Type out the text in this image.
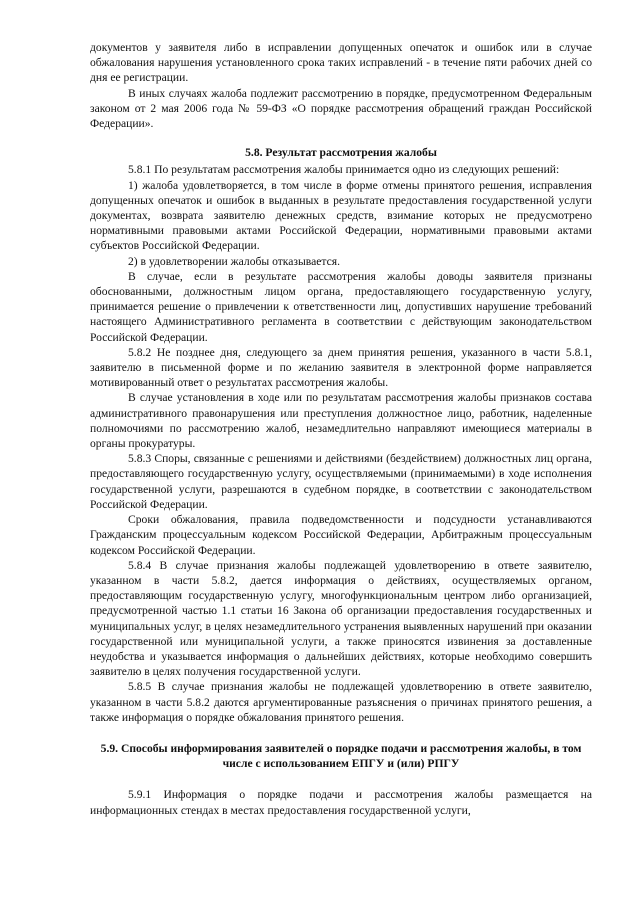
документов у заявителя либо в исправлении допущенных опечаток и ошибок или в случае обжалования нарушения установленного срока таких исправлений - в течение пяти рабочих дней со дня ее регистрации.

В иных случаях жалоба подлежит рассмотрению в порядке, предусмотренном Федеральным законом от 2 мая 2006 года № 59-ФЗ «О порядке рассмотрения обращений граждан Российской Федерации».

5.8. Результат рассмотрения жалобы

5.8.1 По результатам рассмотрения жалобы принимается одно из следующих решений:

1) жалоба удовлетворяется, в том числе в форме отмены принятого решения, исправления допущенных опечаток и ошибок в выданных в результате предоставления государственной услуги документах, возврата заявителю денежных средств, взимание которых не предусмотрено нормативными правовыми актами Российской Федерации, нормативными правовыми актами субъектов Российской Федерации.

2) в удовлетворении жалобы отказывается.

В случае, если в результате рассмотрения жалобы доводы заявителя признаны обоснованными, должностным лицом органа, предоставляющего государственную услугу, принимается решение о привлечении к ответственности лиц, допустивших нарушение требований настоящего Административного регламента в соответствии с действующим законодательством Российской Федерации.

5.8.2 Не позднее дня, следующего за днем принятия решения, указанного в части 5.8.1, заявителю в письменной форме и по желанию заявителя в электронной форме направляется мотивированный ответ о результатах рассмотрения жалобы.

В случае установления в ходе или по результатам рассмотрения жалобы признаков состава административного правонарушения или преступления должностное лицо, работник, наделенные полномочиями по рассмотрению жалоб, незамедлительно направляют имеющиеся материалы в органы прокуратуры.

5.8.3 Споры, связанные с решениями и действиями (бездействием) должностных лиц органа, предоставляющего государственную услугу, осуществляемыми (принимаемыми) в ходе исполнения государственной услуги, разрешаются в судебном порядке, в соответствии с законодательством Российской Федерации.

Сроки обжалования, правила подведомственности и подсудности устанавливаются Гражданским процессуальным кодексом Российской Федерации, Арбитражным процессуальным кодексом Российской Федерации.

5.8.4 В случае признания жалобы подлежащей удовлетворению в ответе заявителю, указанном в части 5.8.2, дается информация о действиях, осуществляемых органом, предоставляющим государственную услугу, многофункциональным центром либо организацией, предусмотренной частью 1.1 статьи 16 Закона об организации предоставления государственных и муниципальных услуг, в целях незамедлительного устранения выявленных нарушений при оказании государственной или муниципальной услуги, а также приносятся извинения за доставленные неудобства и указывается информация о дальнейших действиях, которые необходимо совершить заявителю в целях получения государственной услуги.

5.8.5 В случае признания жалобы не подлежащей удовлетворению в ответе заявителю, указанном в части 5.8.2 даются аргументированные разъяснения о причинах принятого решения, а также информация о порядке обжалования принятого решения.

5.9. Способы информирования заявителей о порядке подачи и рассмотрения жалобы, в том числе с использованием ЕПГУ и (или) РПГУ

5.9.1 Информация о порядке подачи и рассмотрения жалобы размещается на информационных стендах в местах предоставления государственной услуги,
